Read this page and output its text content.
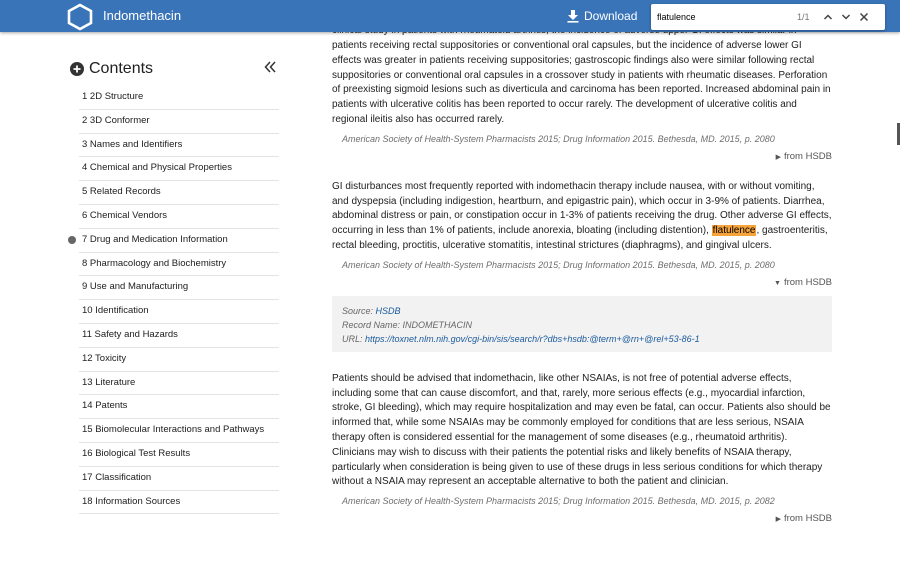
Indomethacin	Download
flatulence	1/1
Contents
1 2D Structure
2 3D Conformer
3 Names and Identifiers
4 Chemical and Physical Properties
5 Related Records
6 Chemical Vendors
7 Drug and Medication Information
8 Pharmacology and Biochemistry
9 Use and Manufacturing
10 Identification
11 Safety and Hazards
12 Toxicity
13 Literature
14 Patents
15 Biomolecular Interactions and Pathways
16 Biological Test Results
17 Classification
18 Information Sources

patients receiving rectal suppositories or conventional oral capsules, but the incidence of adverse lower GI effects was greater in patients receiving suppositories; gastroscopic findings also were similar following rectal suppositories or conventional oral capsules in a crossover study in patients with rheumatic diseases. Perforation of preexisting sigmoid lesions such as diverticula and carcinoma has been reported. Increased abdominal pain in patients with ulcerative colitis has been reported to occur rarely. The development of ulcerative colitis and regional ileitis also has occurred rarely.

American Society of Health-System Pharmacists 2015; Drug Information 2015. Bethesda, MD. 2015, p. 2080
▶ from HSDB

GI disturbances most frequently reported with indomethacin therapy include nausea, with or without vomiting, and dyspepsia (including indigestion, heartburn, and epigastric pain), which occur in 3-9% of patients. Diarrhea, abdominal distress or pain, or constipation occur in 1-3% of patients receiving the drug. Other adverse GI effects, occurring in less than 1% of patients, include anorexia, bloating (including distention), flatulence, gastroenteritis, rectal bleeding, proctitis, ulcerative stomatitis, intestinal strictures (diaphragms), and gingival ulcers.

American Society of Health-System Pharmacists 2015; Drug Information 2015. Bethesda, MD. 2015, p. 2080
▼ from HSDB
Source: HSDB
Record Name: INDOMETHACIN
URL: https://toxnet.nlm.nih.gov/cgi-bin/sis/search/r?dbs+hsdb:@term+@rn+@rel+53-86-1

Patients should be advised that indomethacin, like other NSAIAs, is not free of potential adverse effects, including some that can cause discomfort, and that, rarely, more serious effects (e.g., myocardial infarction, stroke, GI bleeding), which may require hospitalization and may even be fatal, can occur. Patients also should be informed that, while some NSAIAs may be commonly employed for conditions that are less serious, NSAIA therapy often is considered essential for the management of some diseases (e.g., rheumatoid arthritis). Clinicians may wish to discuss with their patients the potential risks and likely benefits of NSAIA therapy, particularly when consideration is being given to use of these drugs in less serious conditions for which therapy without a NSAIA may represent an acceptable alternative to both the patient and clinician.

American Society of Health-System Pharmacists 2015; Drug Information 2015. Bethesda, MD. 2015, p. 2082
▶ from HSDB
